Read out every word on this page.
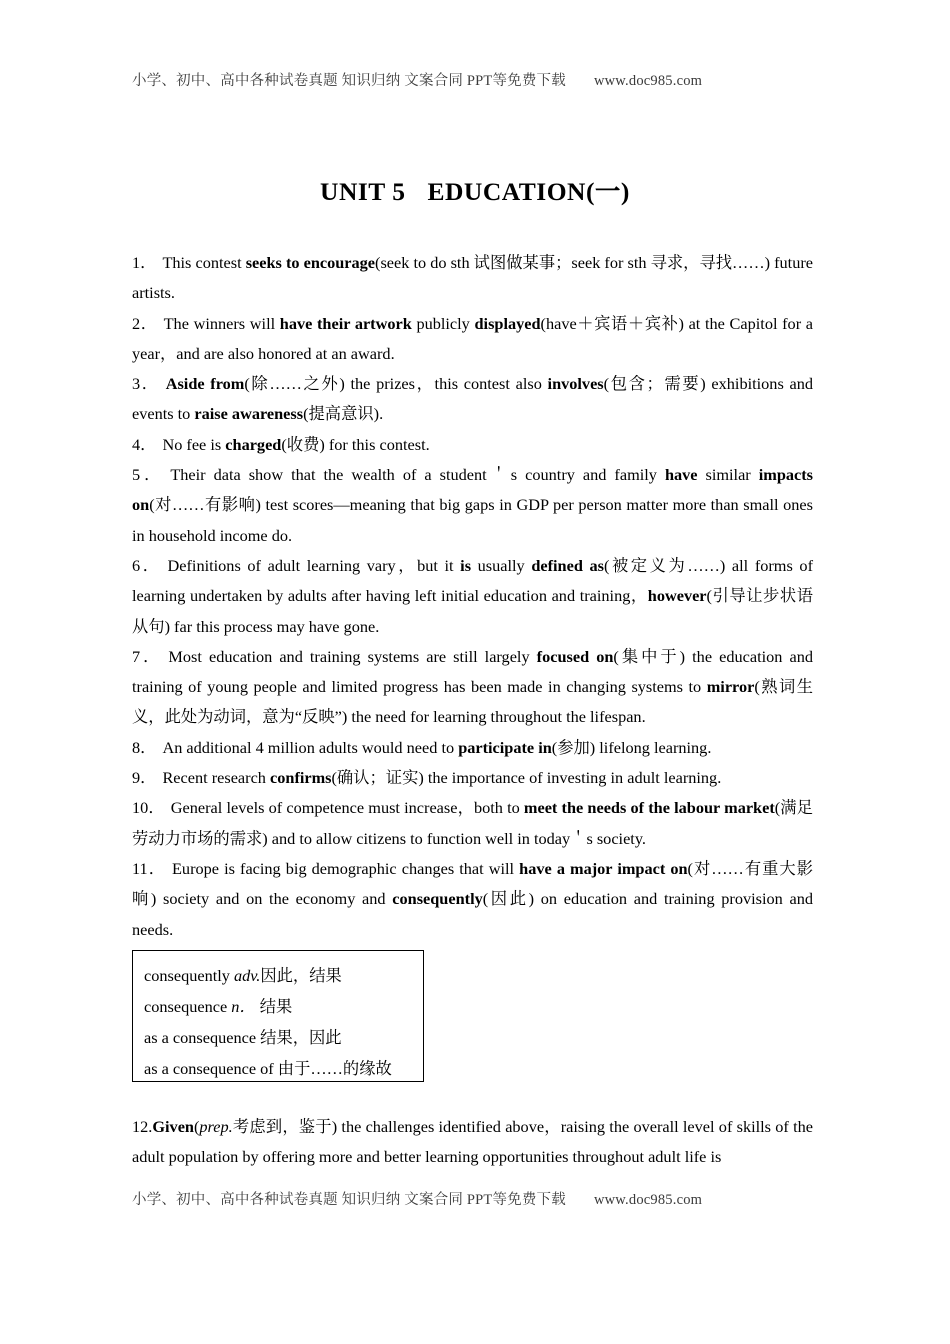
小学、初中、高中各种试卷真题 知识归纳 文案合同 PPT等免费下载 www.doc985.com
UNIT 5 EDUCATION(一)

1． This contest seeks to encourage(seek to do sth 试图做某事；seek for sth 寻求，寻找……) future artists.

2． The winners will have their artwork publicly displayed(have＋宾语＋宾补) at the Capitol for a year，and are also honored at an award.

3． Aside from(除……之外) the prizes，this contest also involves(包含；需要) exhibitions and events to raise awareness(提高意识).

4． No fee is charged(收费) for this contest.

5． Their data show that the wealth of a student＇s country and family have similar impacts on(对……有影响) test scores—meaning that big gaps in GDP per person matter more than small ones in household income do.

6． Definitions of adult learning vary，but it is usually defined as(被定义为……) all forms of learning undertaken by adults after having left initial education and training，however(引导让步状语从句) far this process may have gone.

7． Most education and training systems are still largely focused on(集中于) the education and training of young people and limited progress has been made in changing systems to mirror(熟词生义，此处为动词，意为“反映”) the need for learning throughout the lifespan.

8． An additional 4 million adults would need to participate in(参加) lifelong learning.

9． Recent research confirms(确认；证实) the importance of investing in adult learning.

10． General levels of competence must increase，both to meet the needs of the labour market(满足劳动力市场的需求) and to allow citizens to function well in today＇s society.

11． Europe is facing big demographic changes that will have a major impact on(对……有重大影响) society and on the economy and consequently(因此) on education and training provision and needs.

consequently adv.因此，结果
consequence n． 结果
as a consequence 结果，因此
as a consequence of 由于……的缘故

12.Given(prep.考虑到，鉴于) the challenges identified above，raising the overall level of skills of the adult population by offering more and better learning opportunities throughout adult life is

小学、初中、高中各种试卷真题 知识归纳 文案合同 PPT等免费下载 www.doc985.com
